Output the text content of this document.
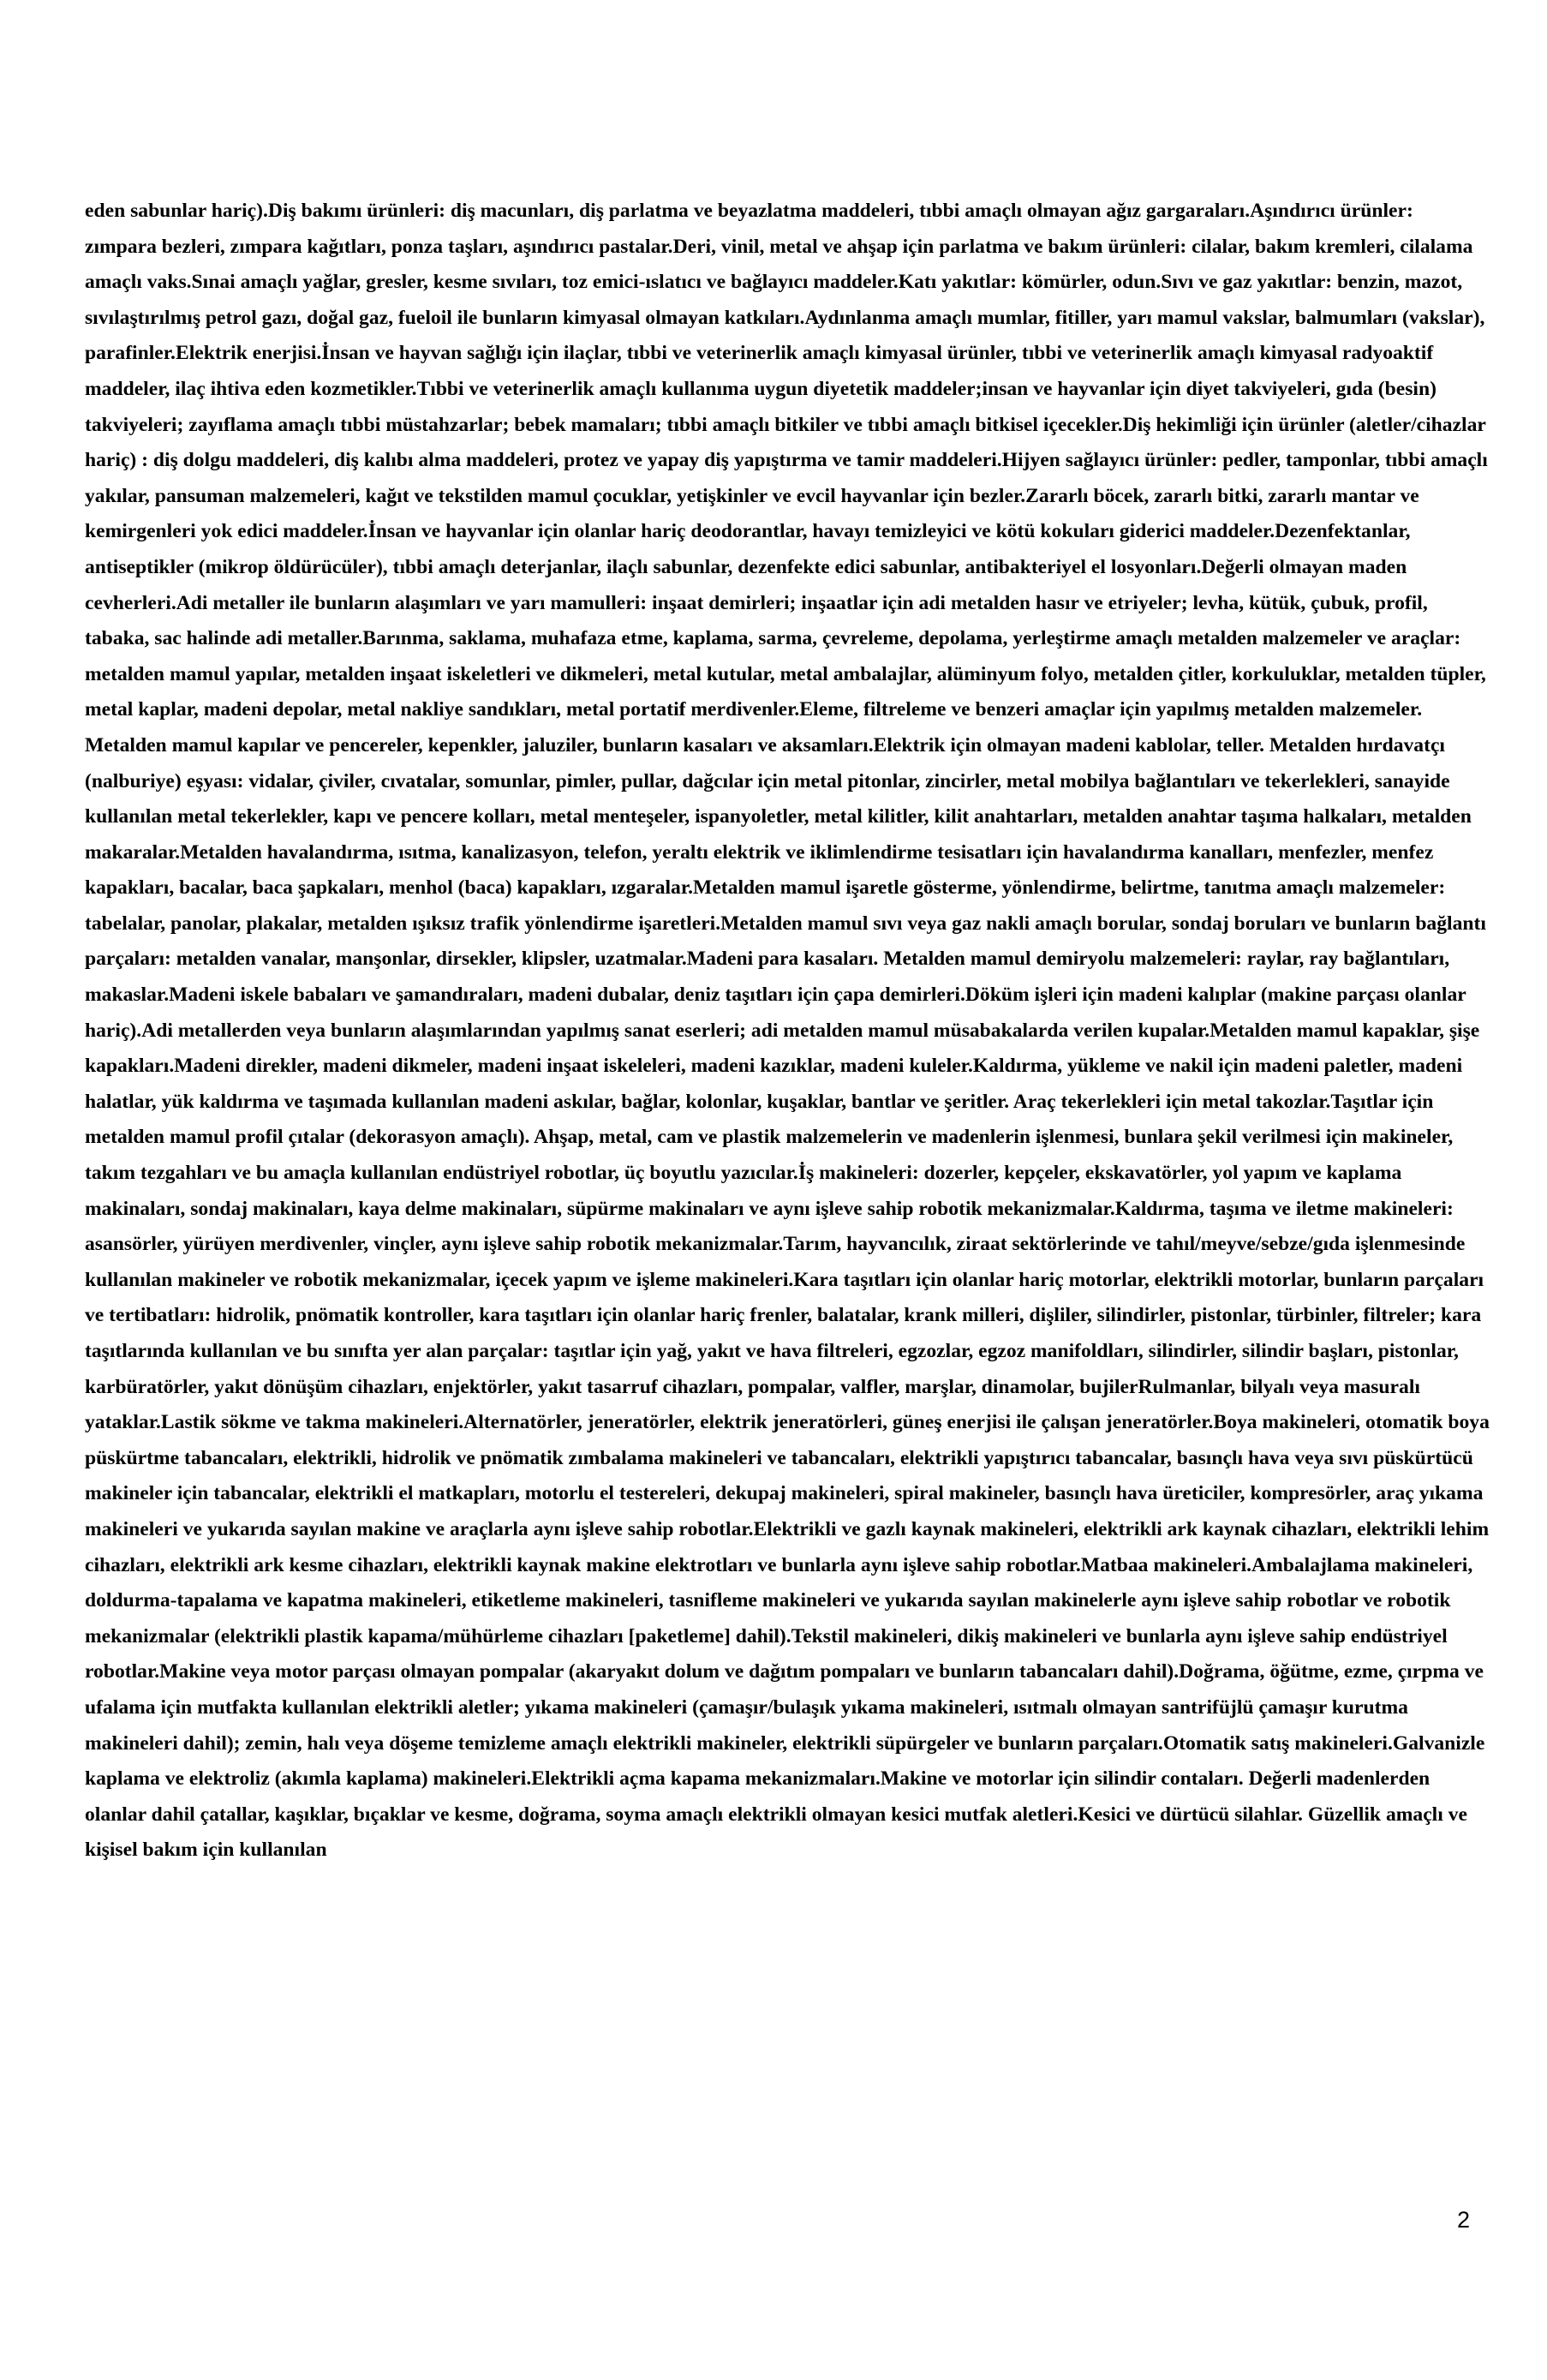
eden sabunlar hariç).Diş bakımı ürünleri: diş macunları, diş parlatma ve beyazlatma maddeleri, tıbbi amaçlı olmayan ağız gargaraları.Aşındırıcı ürünler: zımpara bezleri, zımpara kağıtları, ponza taşları, aşındırıcı pastalar.Deri, vinil, metal ve ahşap için parlatma ve bakım ürünleri: cilalar, bakım kremleri, cilalama amaçlı vaks.Sınai amaçlı yağlar, gresler, kesme sıvıları, toz emici-ıslatıcı ve bağlayıcı maddeler.Katı yakıtlar: kömürler, odun.Sıvı ve gaz yakıtlar: benzin, mazot, sıvılaştırılmış petrol gazı, doğal gaz, fueloil ile bunların kimyasal olmayan katkıları.Aydınlanma amaçlı mumlar, fitiller, yarı mamul vakslar, balmumları (vakslar), parafinler.Elektrik enerjisi.İnsan ve hayvan sağlığı için ilaçlar, tıbbi ve veterinerlik amaçlı kimyasal ürünler, tıbbi ve veterinerlik amaçlı kimyasal radyoaktif maddeler, ilaç ihtiva eden kozmetikler.Tıbbi ve veterinerlik amaçlı kullanıma uygun diyetetik maddeler;insan ve hayvanlar için diyet takviyeleri, gıda (besin) takviyeleri; zayıflama amaçlı tıbbi müstahzarlar; bebek mamaları; tıbbi amaçlı bitkiler ve tıbbi amaçlı bitkisel içecekler.Diş hekimliği için ürünler (aletler/cihazlar hariç) : diş dolgu maddeleri, diş kalıbı alma maddeleri, protez ve yapay diş yapıştırma ve tamir maddeleri.Hijyen sağlayıcı ürünler: pedler, tamponlar, tıbbi amaçlı yakılar, pansuman malzemeleri, kağıt ve tekstilden mamul çocuklar, yetişkinler ve evcil hayvanlar için bezler.Zararlı böcek, zararlı bitki, zararlı mantar ve kemirgenleri yok edici maddeler.İnsan ve hayvanlar için olanlar hariç deodorantlar, havayı temizleyici ve kötü kokuları giderici maddeler.Dezenfektanlar, antiseptikler (mikrop öldürücüler), tıbbi amaçlı deterjanlar, ilaçlı sabunlar, dezenfekte edici sabunlar, antibakteriyel el losyonları.Değerli olmayan maden cevherleri.Adi metaller ile bunların alaşımları ve yarı mamulleri: inşaat demirleri; inşaatlar için adi metalden hasır ve etriyeler; levha, kütük, çubuk, profil, tabaka, sac halinde adi metaller.Barınma, saklama, muhafaza etme, kaplama, sarma, çevreleme, depolama, yerleştirme amaçlı metalden malzemeler ve araçlar: metalden mamul yapılar, metalden inşaat iskeletleri ve dikmeleri, metal kutular, metal ambalajlar, alüminyum folyo, metalden çitler, korkuluklar, metalden tüpler, metal kaplar, madeni depolar, metal nakliye sandıkları, metal portatif merdivenler.Eleme, filtreleme ve benzeri amaçlar için yapılmış metalden malzemeler. Metalden mamul kapılar ve pencereler, kepenkler, jaluziler, bunların kasaları ve aksamları.Elektrik için olmayan madeni kablolar, teller. Metalden hırdavatçı (nalburiye) eşyası: vidalar, çiviler, cıvatalar, somunlar, pimler, pullar, dağcılar için metal pitonlar, zincirler, metal mobilya bağlantıları ve tekerlekleri, sanayide kullanılan metal tekerlekler, kapı ve pencere kolları, metal menteşeler, ispanyoletler, metal kilitler, kilit anahtarları, metalden anahtar taşıma halkaları, metalden makaralar.Metalden havalandırma, ısıtma, kanalizasyon, telefon, yeraltı elektrik ve iklimlendirme tesisatları için havalandırma kanalları, menfezler, menfez kapakları, bacalar, baca şapkaları, menhol (baca) kapakları, ızgaralar.Metalden mamul işaretle gösterme, yönlendirme, belirtme, tanıtma amaçlı malzemeler: tabelalar, panolar, plakalar, metalden ışıksız trafik yönlendirme işaretleri.Metalden mamul sıvı veya gaz nakli amaçlı borular, sondaj boruları ve bunların bağlantı parçaları: metalden vanalar, manşonlar, dirsekler, klipsler, uzatmalar.Madeni para kasaları. Metalden mamul demiryolu malzemeleri: raylar, ray bağlantıları, makaslar.Madeni iskele babaları ve şamandıraları, madeni dubalar, deniz taşıtları için çapa demirleri.Döküm işleri için madeni kalıplar (makine parçası olanlar hariç).Adi metallerden veya bunların alaşımlarından yapılmış sanat eserleri; adi metalden mamul müsabakalarda verilen kupalar.Metalden mamul kapaklar, şişe kapakları.Madeni direkler, madeni dikmeler, madeni inşaat iskeleleri, madeni kazıklar, madeni kuleler.Kaldırma, yükleme ve nakil için madeni paletler, madeni halatlar, yük kaldırma ve taşımada kullanılan madeni askılar, bağlar, kolonlar, kuşaklar, bantlar ve şeritler. Araç tekerlekleri için metal takozlar.Taşıtlar için metalden mamul profil çıtalar (dekorasyon amaçlı). Ahşap, metal, cam ve plastik malzemelerin ve madenlerin işlenmesi, bunlara şekil verilmesi için makineler, takım tezgahları ve bu amaçla kullanılan endüstriyel robotlar, üç boyutlu yazıcılar.İş makineleri: dozerler, kepçeler, ekskavatörler, yol yapım ve kaplama makinaları, sondaj makinaları, kaya delme makinaları, süpürme makinaları ve aynı işleve sahip robotik mekanizmalar.Kaldırma, taşıma ve iletme makineleri: asansörler, yürüyen merdivenler, vinçler, aynı işleve sahip robotik mekanizmalar.Tarım, hayvancılık, ziraat sektörlerinde ve tahıl/meyve/sebze/gıda işlenmesinde kullanılan makineler ve robotik mekanizmalar, içecek yapım ve işleme makineleri.Kara taşıtları için olanlar hariç motorlar, elektrikli motorlar, bunların parçaları ve tertibatları: hidrolik, pnömatik kontroller, kara taşıtları için olanlar hariç frenler, balatalar, krank milleri, dişliler, silindirler, pistonlar, türbinler, filtreler; kara taşıtlarında kullanılan ve bu sınıfta yer alan parçalar: taşıtlar için yağ, yakıt ve hava filtreleri, egzozlar, egzoz manifoldları, silindirler, silindir başları, pistonlar, karbüratörler, yakıt dönüşüm cihazları, enjektörler, yakıt tasarruf cihazları, pompalar, valfler, marşlar, dinamolar, bujilerRulmanlar, bilyalı veya masuralı yataklar.Lastik sökme ve takma makineleri.Alternatörler, jeneratörler, elektrik jeneratörleri, güneş enerjisi ile çalışan jeneratörler.Boya makineleri, otomatik boya püskürtme tabancaları, elektrikli, hidrolik ve pnömatik zımbalama makineleri ve tabancaları, elektrikli yapıştırıcı tabancalar, basınçlı hava veya sıvı püskürtücü makineler için tabancalar, elektrikli el matkapları, motorlu el testereleri, dekupaj makineleri, spiral makineler, basınçlı hava üreticiler, kompresörler, araç yıkama makineleri ve yukarıda sayılan makine ve araçlarla aynı işleve sahip robotlar.Elektrikli ve gazlı kaynak makineleri, elektrikli ark kaynak cihazları, elektrikli lehim cihazları, elektrikli ark kesme cihazları, elektrikli kaynak makine elektrotları ve bunlarla aynı işleve sahip robotlar.Matbaa makineleri.Ambalajlama makineleri, doldurma-tapalama ve kapatma makineleri, etiketleme makineleri, tasnifleme makineleri ve yukarıda sayılan makinelerle aynı işleve sahip robotlar ve robotik mekanizmalar (elektrikli plastik kapama/mühürleme cihazları [paketleme] dahil).Tekstil makineleri, dikiş makineleri ve bunlarla aynı işleve sahip endüstriyel robotlar.Makine veya motor parçası olmayan pompalar (akaryakıt dolum ve dağıtım pompaları ve bunların tabancaları dahil).Doğrama, öğütme, ezme, çırpma ve ufalama için mutfakta kullanılan elektrikli aletler; yıkama makineleri (çamaşır/bulaşık yıkama makineleri, ısıtmalı olmayan santrifüjlü çamaşır kurutma makineleri dahil); zemin, halı veya döşeme temizleme amaçlı elektrikli makineler, elektrikli süpürgeler ve bunların parçaları.Otomatik satış makineleri.Galvanizle kaplama ve elektroliz (akımla kaplama) makineleri.Elektrikli açma kapama mekanizmaları.Makine ve motorlar için silindir contaları. Değerli madenlerden olanlar dahil çatallar, kaşıklar, bıçaklar ve kesme, doğrama, soyma amaçlı elektrikli olmayan kesici mutfak aletleri.Kesici ve dürtücü silahlar. Güzellik amaçlı ve kişisel bakım için kullanılan

2
